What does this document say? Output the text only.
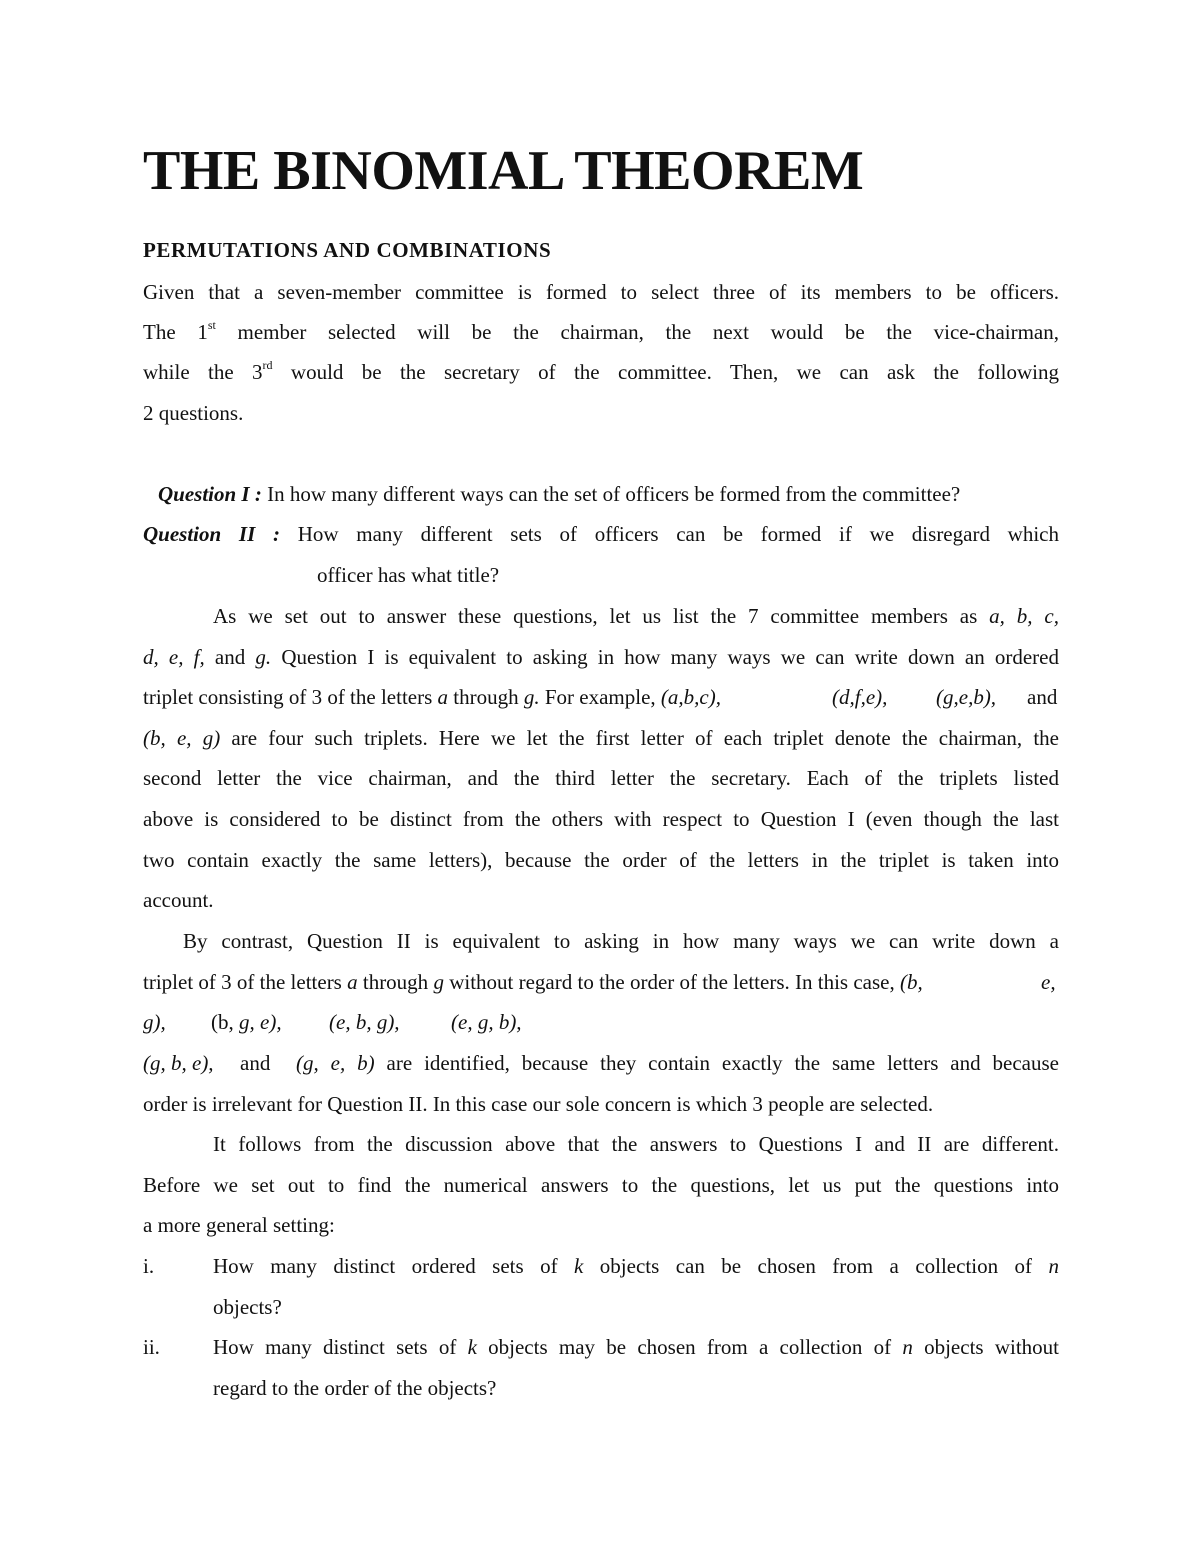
THE BINOMIAL THEOREM
PERMUTATIONS AND COMBINATIONS

Given that a seven-member committee is formed to select three of its members to be officers.

The 1st member selected will be the chairman, the next would be the vice-chairman,

while the 3rd would be the secretary of the committee. Then, we can ask the following

2 questions.

Question I : In how many different ways can the set of officers be formed from the committee?

Question II : How many different sets of officers can be formed if we disregard which

officer has what title?

As we set out to answer these questions, let us list the 7 committee members as a, b, c,

d, e, f, and g. Question I is equivalent to asking in how many ways we can write down an ordered

triplet consisting of 3 of the letters a through g. For example, (a,b,c),	(d,f,e), (g,e,b), and

(b, e, g) are four such triplets. Here we let the first letter of each triplet denote the chairman, the

second letter the vice chairman, and the third letter the secretary. Each of the triplets listed

above is considered to be distinct from the others with respect to Question I (even though the last

two contain exactly the same letters), because the order of the letters in the triplet is taken into

account.

By contrast, Question II is equivalent to asking in how many ways we can write down a

triplet of 3 of the letters a through g without regard to the order of the letters. In this case, (b,	e,
g), (b, g, e), (e, b, g), (e, g, b),
(g, b, e), and (g, e, b) are identified, because they contain exactly the same letters and because

order is irrelevant for Question II. In this case our sole concern is which 3 people are selected.

It follows from the discussion above that the answers to Questions I and II are different.

Before we set out to find the numerical answers to the questions, let us put the questions into

a more general setting:

i.	How many distinct ordered sets of k objects can be chosen from a collection of n

objects?

ii.	How many distinct sets of k objects may be chosen from a collection of n objects without

regard to the order of the objects?
